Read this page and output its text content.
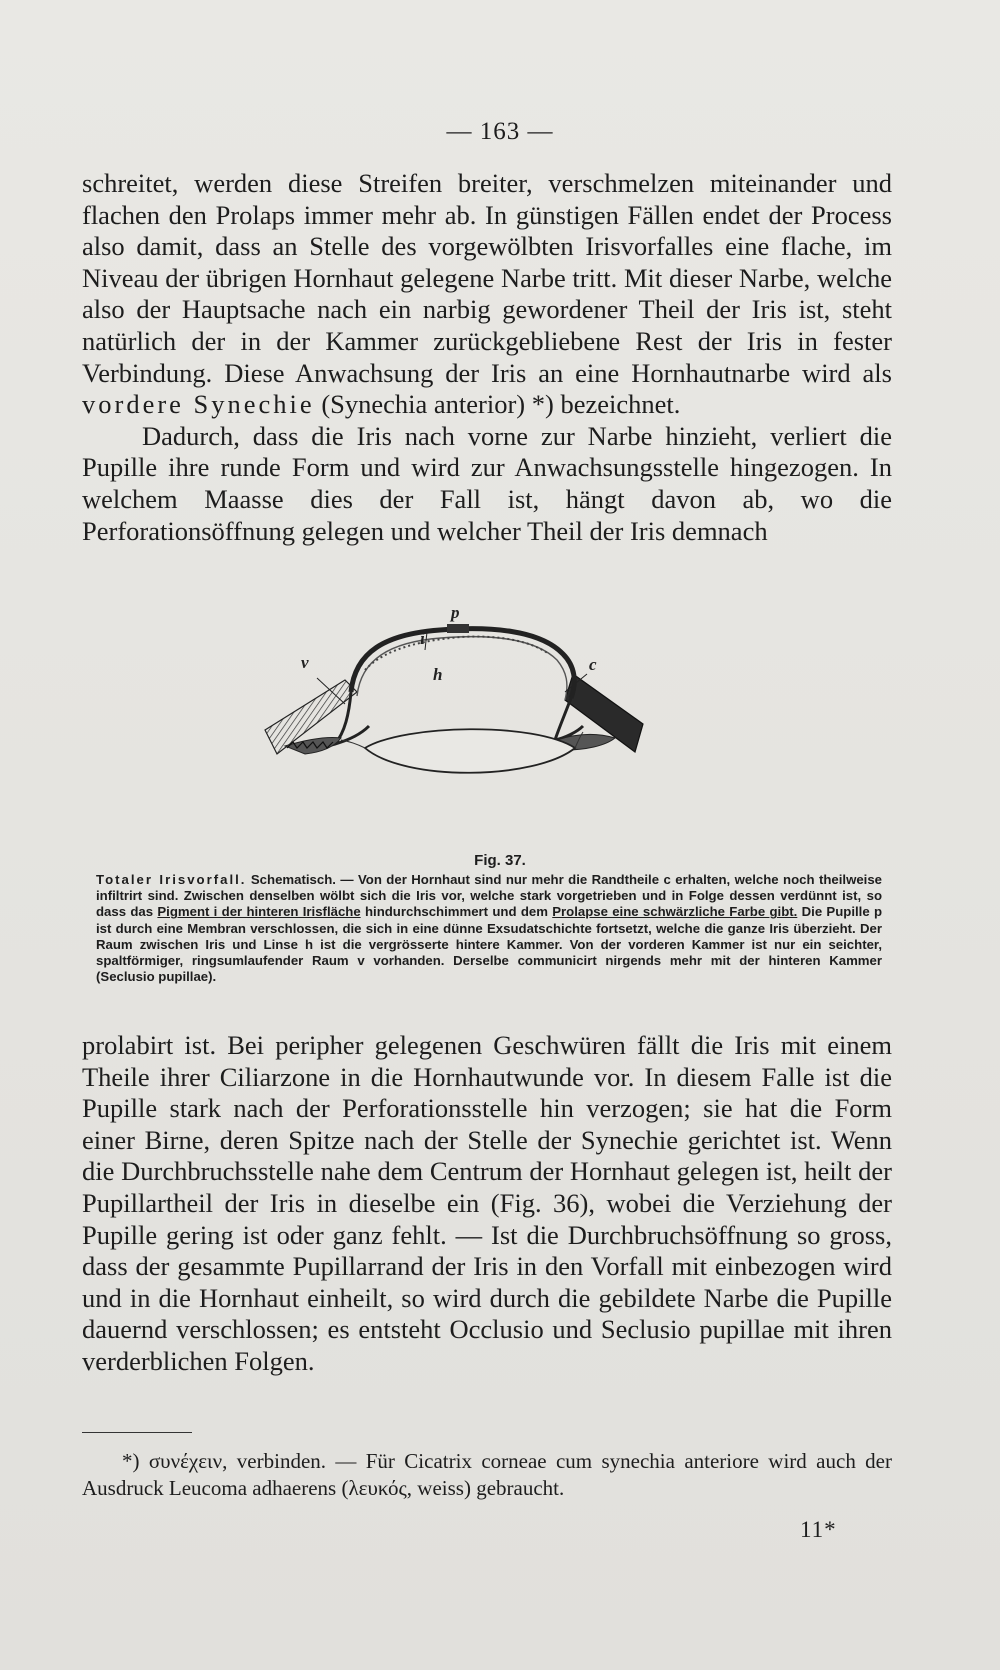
— 163 —

schreitet, werden diese Streifen breiter, verschmelzen miteinander und flachen den Prolaps immer mehr ab. In günstigen Fällen endet der Process also damit, dass an Stelle des vorgewölbten Irisvorfalles eine flache, im Niveau der übrigen Hornhaut gelegene Narbe tritt. Mit dieser Narbe, welche also der Hauptsache nach ein narbig gewordener Theil der Iris ist, steht natürlich der in der Kammer zurückgebliebene Rest der Iris in fester Verbindung. Diese Anwachsung der Iris an eine Hornhautnarbe wird als vordere Synechie (Synechia anterior) *) bezeichnet.

Dadurch, dass die Iris nach vorne zur Narbe hinzieht, verliert die Pupille ihre runde Form und wird zur Anwachsungsstelle hingezogen. In welchem Maasse dies der Fall ist, hängt davon ab, wo die Perforationsöffnung gelegen und welcher Theil der Iris demnach

p
i
v
h
c
Fig. 37.

Totaler Irisvorfall. Schematisch. — Von der Hornhaut sind nur mehr die Randtheile c erhalten, welche noch theilweise infiltrirt sind. Zwischen denselben wölbt sich die Iris vor, welche stark vorgetrieben und in Folge dessen verdünnt ist, so dass das Pigment i der hinteren Irisfläche hindurchschimmert und dem Prolapse eine schwärzliche Farbe gibt. Die Pupille p ist durch eine Membran verschlossen, die sich in eine dünne Exsudatschichte fortsetzt, welche die ganze Iris überzieht. Der Raum zwischen Iris und Linse h ist die vergrösserte hintere Kammer. Von der vorderen Kammer ist nur ein seichter, spaltförmiger, ringsumlaufender Raum v vorhanden. Derselbe communicirt nirgends mehr mit der hinteren Kammer (Seclusio pupillae).

prolabirt ist. Bei peripher gelegenen Geschwüren fällt die Iris mit einem Theile ihrer Ciliarzone in die Hornhautwunde vor. In diesem Falle ist die Pupille stark nach der Perforationsstelle hin verzogen; sie hat die Form einer Birne, deren Spitze nach der Stelle der Synechie gerichtet ist. Wenn die Durchbruchsstelle nahe dem Centrum der Hornhaut gelegen ist, heilt der Pupillartheil der Iris in dieselbe ein (Fig. 36), wobei die Verziehung der Pupille gering ist oder ganz fehlt. — Ist die Durchbruchsöffnung so gross, dass der gesammte Pupillarrand der Iris in den Vorfall mit einbezogen wird und in die Hornhaut einheilt, so wird durch die gebildete Narbe die Pupille dauernd verschlossen; es entsteht Occlusio und Seclusio pupillae mit ihren verderblichen Folgen.

*) συνέχειν, verbinden. — Für Cicatrix corneae cum synechia anteriore wird auch der Ausdruck Leucoma adhaerens (λευκός, weiss) gebraucht.

11*
